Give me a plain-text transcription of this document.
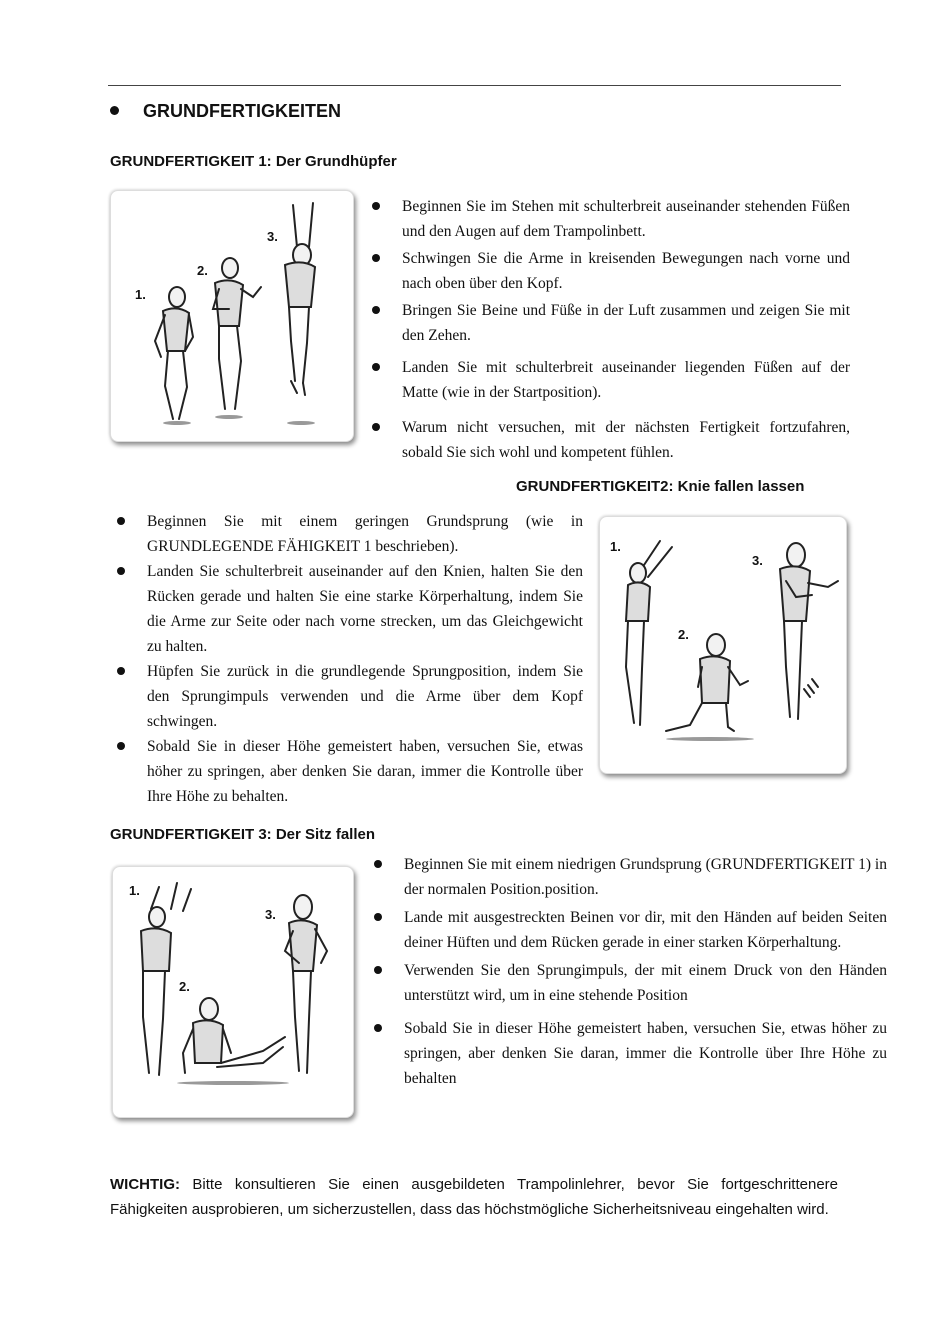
GRUNDFERTIGKEITEN
GRUNDFERTIGKEIT 1: Der Grundhüpfer
1.
2.
3.
Beginnen Sie im Stehen mit schulterbreit auseinander stehenden Füßen und den Augen auf dem Trampolinbett.
Schwingen Sie die Arme in kreisenden Bewegungen nach vorne und nach oben über den Kopf.
Bringen Sie Beine und Füße in der Luft zusammen und zeigen Sie mit den Zehen.
Landen Sie mit schulterbreit auseinander liegenden Füßen auf der Matte (wie in der Startposition).
Warum nicht versuchen, mit der nächsten Fertigkeit fortzufahren, sobald Sie sich wohl und kompetent fühlen.
GRUNDFERTIGKEIT2: Knie fallen lassen
Beginnen Sie mit einem geringen Grundsprung (wie in GRUNDLEGENDE FÄHIGKEIT 1 beschrieben).
Landen Sie schulterbreit auseinander auf den Knien, halten Sie den Rücken gerade und halten Sie eine starke Körperhaltung, indem Sie die Arme zur Seite oder nach vorne strecken, um das Gleichgewicht zu halten.
Hüpfen Sie zurück in die grundlegende Sprungposition, indem Sie den Sprungimpuls verwenden und die Arme über dem Kopf schwingen.
Sobald Sie in dieser Höhe gemeistert haben, versuchen Sie, etwas höher zu springen, aber denken Sie daran, immer die Kontrolle über Ihre Höhe zu behalten.
1.
2.
3.
GRUNDFERTIGKEIT 3: Der Sitz fallen
1.
2.
3.
Beginnen Sie mit einem niedrigen Grundsprung (GRUNDFERTIGKEIT 1) in der normalen Position.position.
Lande mit ausgestreckten Beinen vor dir, mit den Händen auf beiden Seiten deiner Hüften und dem Rücken gerade in einer starken Körperhaltung.
Verwenden Sie den Sprungimpuls, der mit einem Druck von den Händen unterstützt wird, um in eine stehende Position
Sobald Sie in dieser Höhe gemeistert haben, versuchen Sie, etwas höher zu springen, aber denken Sie daran, immer die Kontrolle über Ihre Höhe zu behalten
WICHTIG: Bitte konsultieren Sie einen ausgebildeten Trampolinlehrer, bevor Sie fortgeschrittenere Fähigkeiten ausprobieren, um sicherzustellen, dass das höchstmögliche Sicherheitsniveau eingehalten wird.
